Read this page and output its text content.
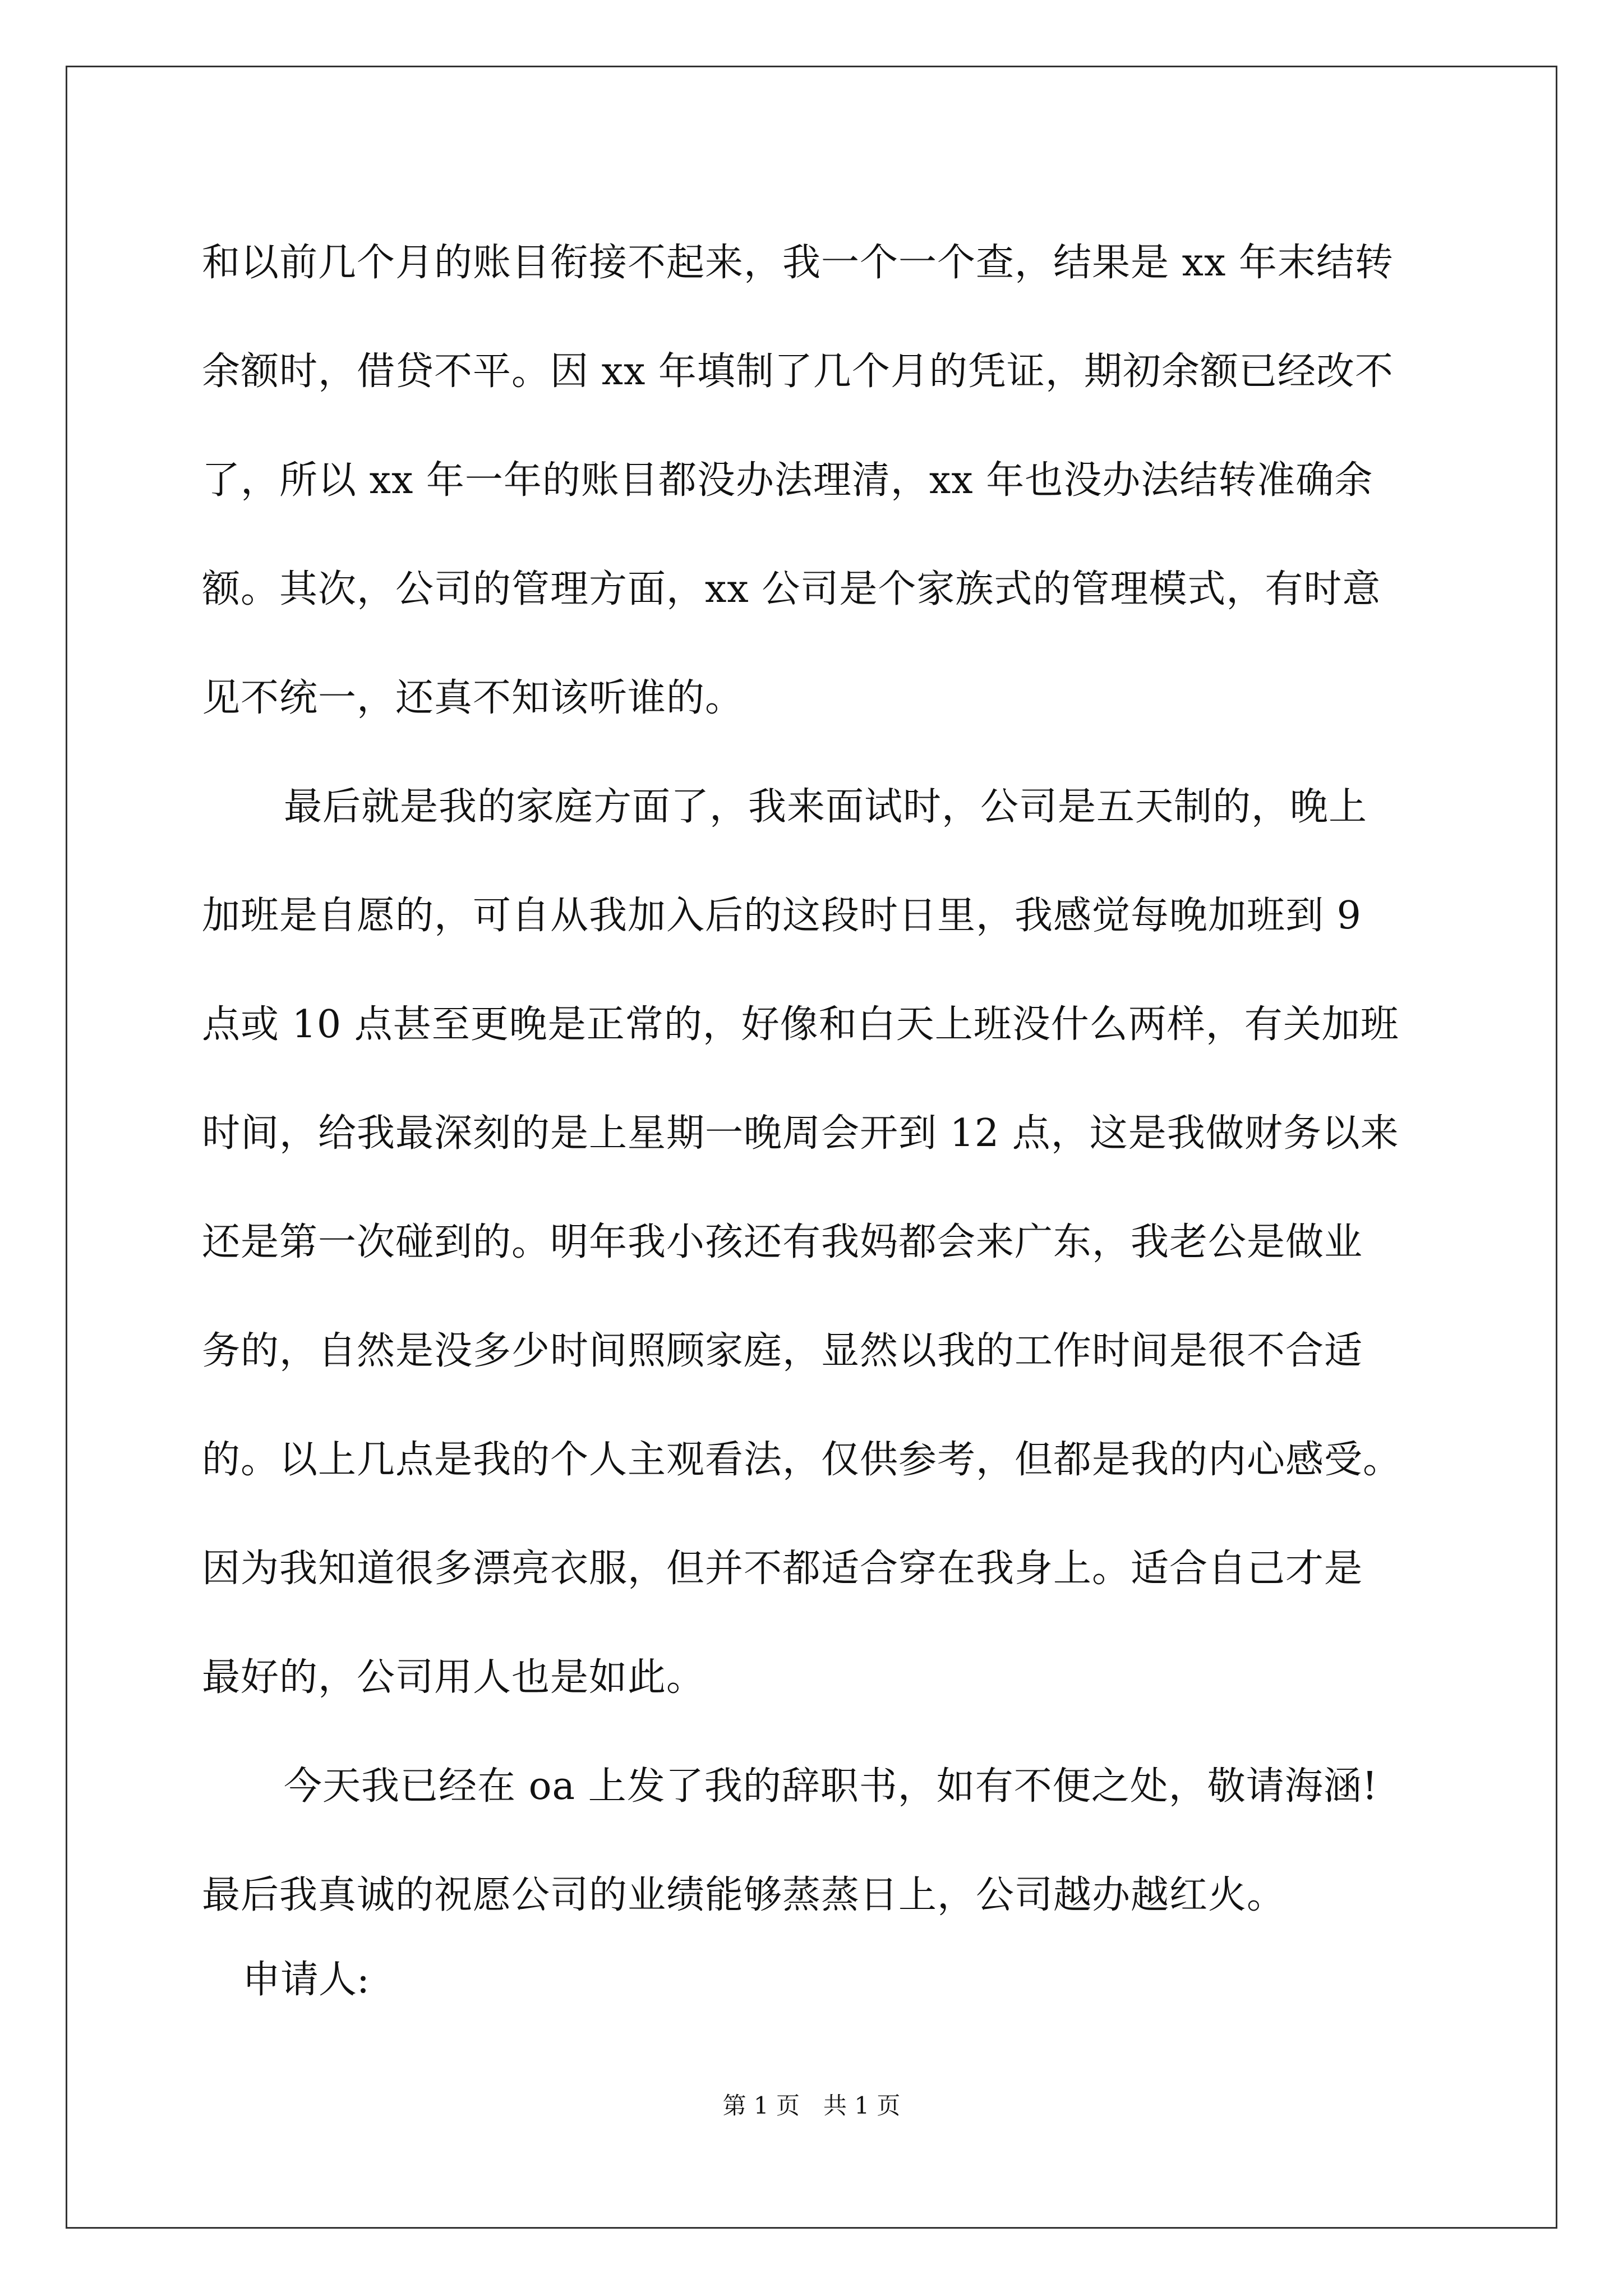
和以前几个月的账目衔接不起来，我一个一个查，结果是 xx 年末结转
余额时，借贷不平。因 xx 年填制了几个月的凭证，期初余额已经改不
了，所以 xx 年一年的账目都没办法理清，xx 年也没办法结转准确余
额。其次，公司的管理方面，xx 公司是个家族式的管理模式，有时意
见不统一，还真不知该听谁的。
最后就是我的家庭方面了，我来面试时，公司是五天制的，晚上
加班是自愿的，可自从我加入后的这段时日里，我感觉每晚加班到 9
点或 10 点甚至更晚是正常的，好像和白天上班没什么两样，有关加班
时间，给我最深刻的是上星期一晚周会开到 12 点，这是我做财务以来
还是第一次碰到的。明年我小孩还有我妈都会来广东，我老公是做业
务的，自然是没多少时间照顾家庭，显然以我的工作时间是很不合适
的。以上几点是我的个人主观看法，仅供参考，但都是我的内心感受。
因为我知道很多漂亮衣服，但并不都适合穿在我身上。适合自己才是
最好的，公司用人也是如此。
今天我已经在 oa 上发了我的辞职书，如有不便之处，敬请海涵!
最后我真诚的祝愿公司的业绩能够蒸蒸日上，公司越办越红火。
申请人:
第 1 页　共 1 页
